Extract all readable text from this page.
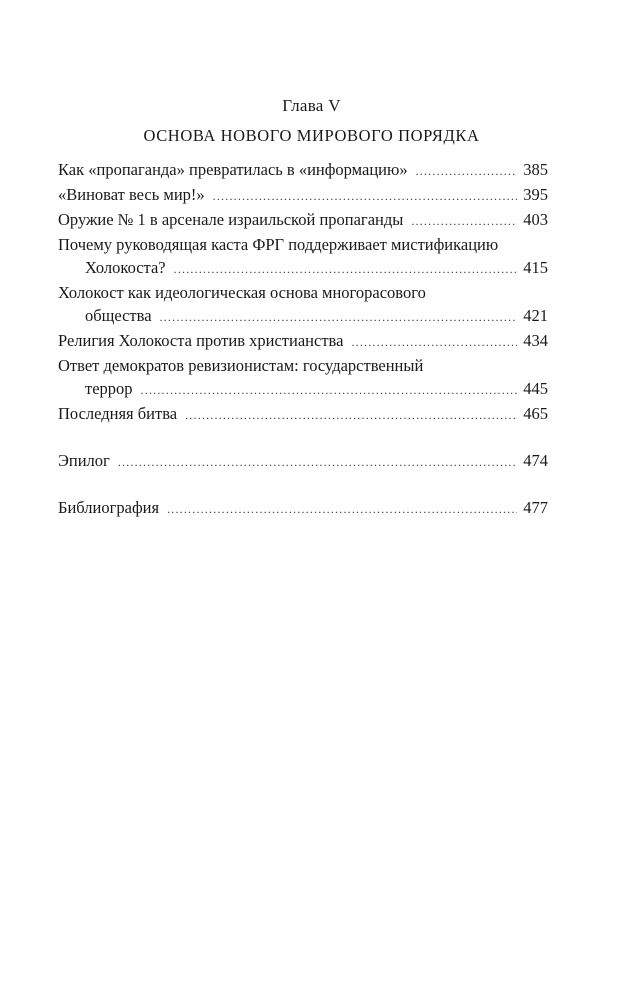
Глава V
ОСНОВА НОВОГО МИРОВОГО ПОРЯДКА
Как «пропаганда» превратилась в «информацию» .....	385
«Виноват весь мир!» .....	395
Оружие № 1 в арсенале израильской пропаганды .....	403
Почему руководящая каста ФРГ поддерживает мистификацию
Холокоста? .....	415
Холокост как идеологическая основа многорасового
общества .....	421
Религия Холокоста против христианства .....	434
Ответ демократов ревизионистам: государственный
террор .....	445
Последняя битва .....	465
Эпилог .....	474
Библиография .....	477
